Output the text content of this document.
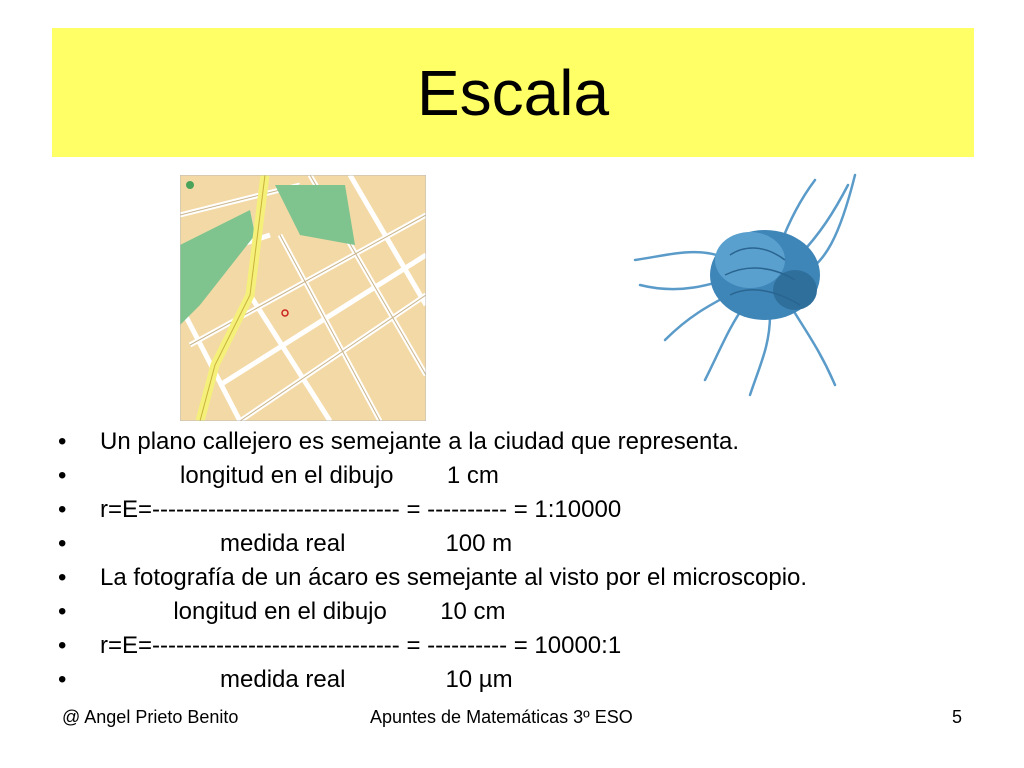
Escala
• Un plano callejero es semejante a la ciudad que representa.
• longitud en el dibujo        1 cm
• r=E=------------------------------- = ---------- = 1:10000
• medida real               100 m
• La fotografía de un ácaro es semejante al visto por el microscopio.
• longitud en el dibujo        10 cm
• r=E=------------------------------- = ---------- = 10000:1
• medida real               10 µm
@ Angel Prieto Benito	Apuntes de Matemáticas 3º ESO	5
